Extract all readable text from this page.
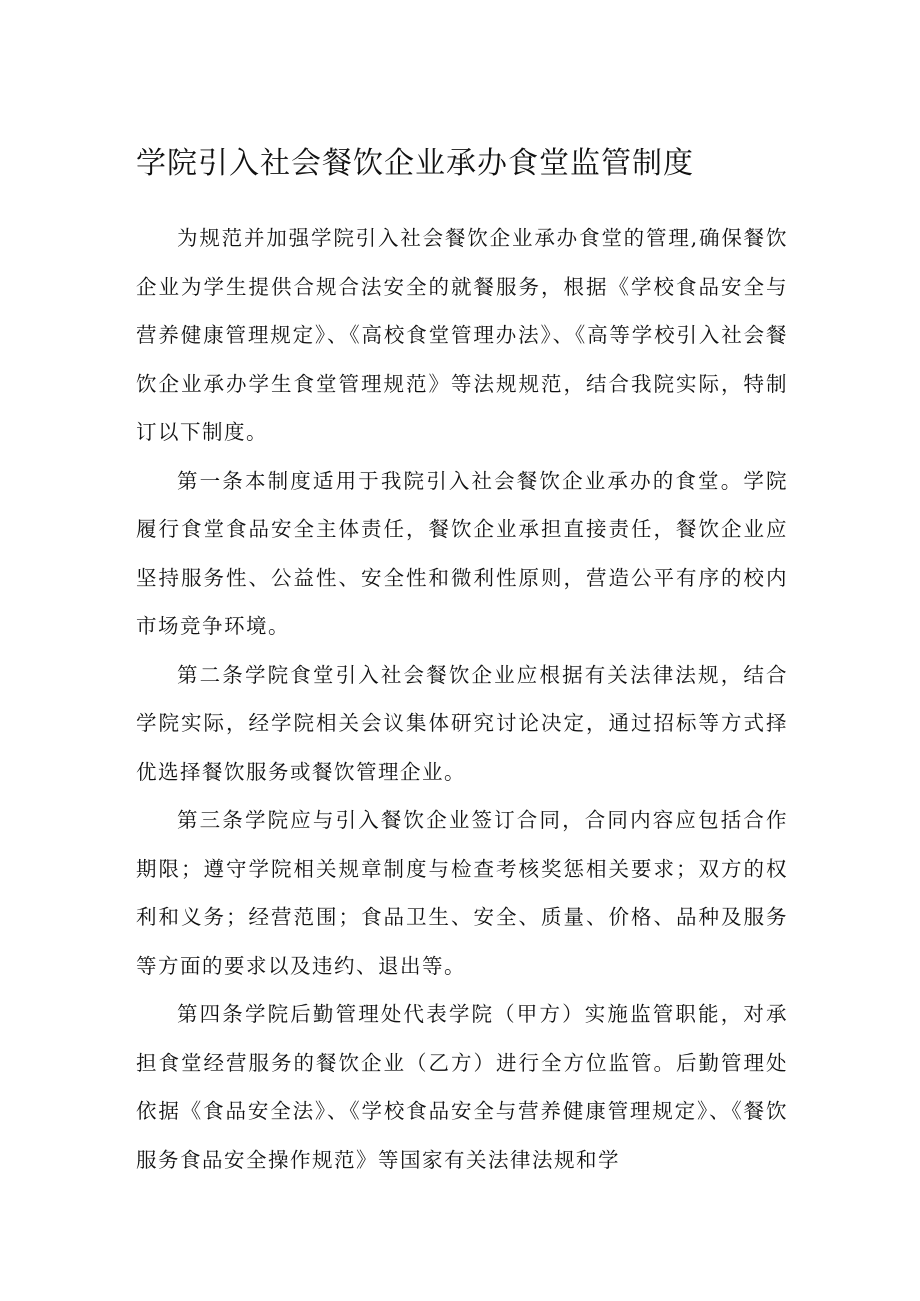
学院引入社会餐饮企业承办食堂监管制度

为规范并加强学院引入社会餐饮企业承办食堂的管理,确保餐饮企业为学生提供合规合法安全的就餐服务，根据《学校食品安全与营养健康管理规定》、《高校食堂管理办法》、《高等学校引入社会餐饮企业承办学生食堂管理规范》等法规规范，结合我院实际，特制订以下制度。

第一条本制度适用于我院引入社会餐饮企业承办的食堂。学院履行食堂食品安全主体责任，餐饮企业承担直接责任，餐饮企业应坚持服务性、公益性、安全性和微利性原则，营造公平有序的校内市场竞争环境。

第二条学院食堂引入社会餐饮企业应根据有关法律法规，结合学院实际，经学院相关会议集体研究讨论决定，通过招标等方式择优选择餐饮服务或餐饮管理企业。

第三条学院应与引入餐饮企业签订合同，合同内容应包括合作期限；遵守学院相关规章制度与检查考核奖惩相关要求；双方的权利和义务；经营范围；食品卫生、安全、质量、价格、品种及服务等方面的要求以及违约、退出等。

第四条学院后勤管理处代表学院（甲方）实施监管职能，对承担食堂经营服务的餐饮企业（乙方）进行全方位监管。后勤管理处依据《食品安全法》、《学校食品安全与营养健康管理规定》、《餐饮服务食品安全操作规范》等国家有关法律法规和学
